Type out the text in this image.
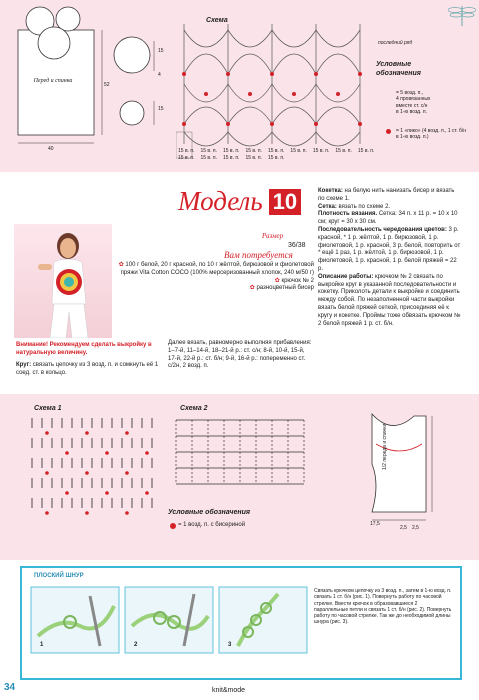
Пеpед и спинка
52
40
15
4
15
Схема
последний ряд
15 в. п. 15 в. п. 15 в. п. 15 в. п. 15 в. п. 15 в. п. 15 в. п. 15 в. п. 15 в. п.
15 в. п. 15 в. п. 15 в. п. 15 в. п. 15 в. п.
Условные обозначения
= 5 возд. п.,
4 провязанных
вместе ст. с/н
в 1-ю возд. п.
= 1 «пико» (4 возд. п., 1 ст. б/н в 1-ю возд. п.)
Модель 10
Размер
36/38
Вам потребуется
✿ 100 г белой, 20 г красной, по 10 г жёлтой, бирюзовой и фиолетовой пряжи Vita Cotton COCO (100% мерсеризованный хлопок, 240 м/50 г)
✿ крючок № 2
✿ разноцветный бисер
Внимание! Рекомендуем сделать выкройку в натуральную величину.
Круг: связать цепочку из 3 возд. п. и сомкнуть её 1 соед. ст. в кольцо.
Далее вязать, равномерно выполняя прибавления: 1–7-й, 11–14-й, 18–21-й р.: ст. с/н; 8-й, 10-й, 15-й, 17-й, 22-й р.: ст. б/н; 9-й, 16-й р.: попеременно ст. с/2н, 2 возд. п.
Кокетка: на белую нить нанизать бисер и вязать по схеме 1.
Сетка: вязать по схеме 2.
Плотность вязания. Сетка: 34 п. х 11 р. = 10 х 10 см; круг = 30 х 30 см.
Последовательность чередования цветов: 3 р. красной, * 1 р. жёлтой, 1 р. бирюзовой, 1 р. фиолетовой, 1 р. красной, 3 р. белой, повторить от * ещё 1 раз, 1 р. жёлтой, 1 р. бирюзовой, 1 р. фиолетовой, 1 р. красной, 1 р. белой пряжей = 22 р.
Описание работы: крючком № 2 связать по выкройке круг в указанной последовательности и кокетку. Приколоть детали к выкройке и соединить между собой. По незаполненной части выкройки вязать белой пряжей сеткой, присоединяя её к кругу и кокетке. Проймы тоже обвязать крючком № 2 белой пряжей 1 р. ст. б/н.
Схема 1	Схема 2
Условные обозначения
= 1 возд. п. с бисериной
1/2 переда и спинки
17,5
2,5 2,5
ПЛОСКИЙ ШНУР
1	2	3
Связать крючком цепочку из 3 возд. п., затем в 1-ю возд. п. связать 1 ст. б/н (рис. 1). Повернуть работу по часовой стрелке. Ввести крючок в образовавшиеся 2 параллельные петли и связать 1 ст. б/н (рис. 2). Повернуть работу по часовой стрелке. Так же до необходимой длины шнура (рис. 3).
34	knit&mode
